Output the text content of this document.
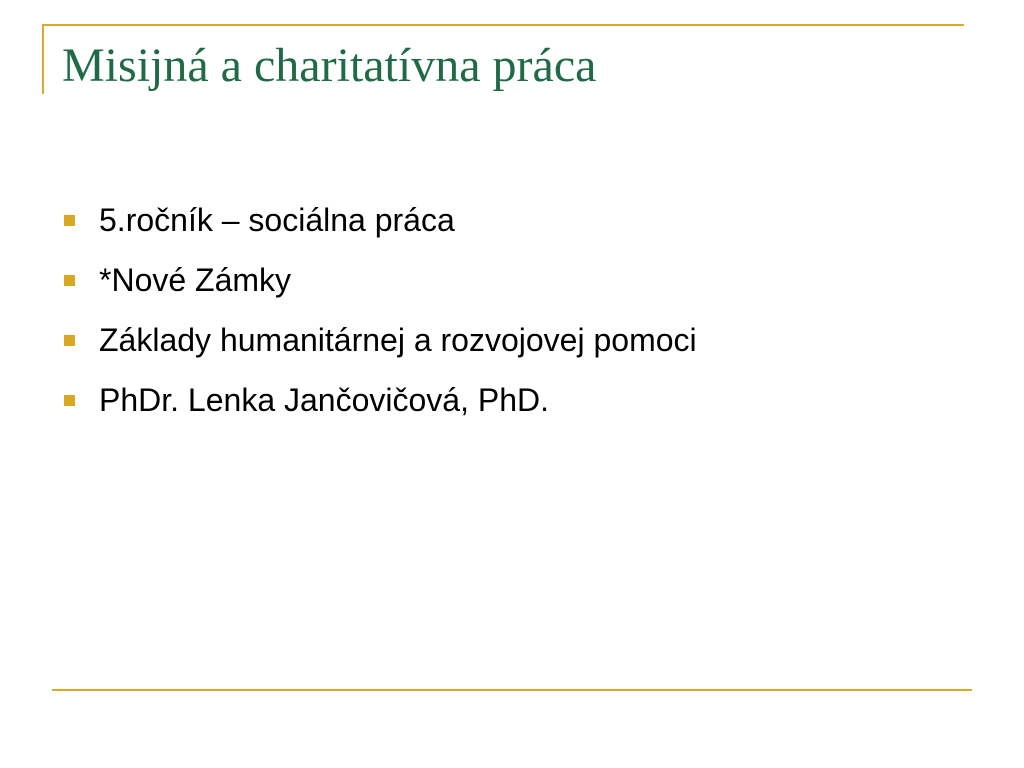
Misijná a charitatívna práca
5.ročník – sociálna práca
*Nové Zámky
Základy humanitárnej a rozvojovej pomoci
PhDr. Lenka Jančovičová, PhD.
